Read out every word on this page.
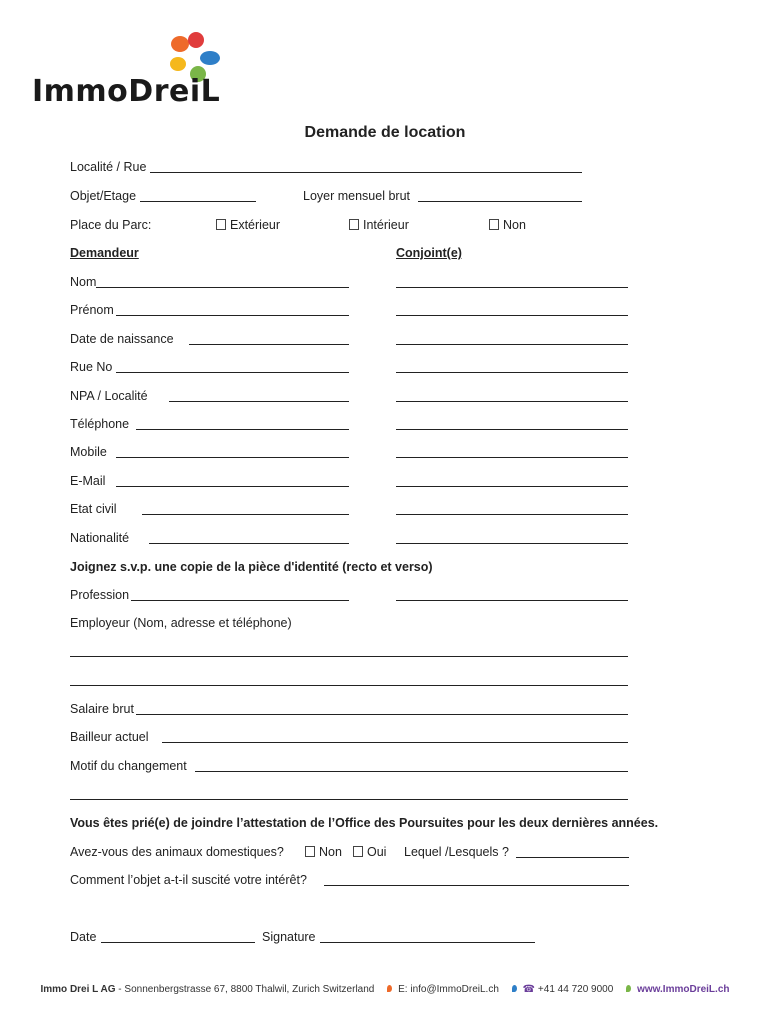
ImmoDreiL
Demande de location
Localité / Rue
Objet/Etage	Loyer mensuel brut
Place du Parc:	Extérieur	Intérieur	Non
Demandeur	Conjoint(e)
Nom
Prénom
Date de naissance
Rue No
NPA / Localité
Téléphone
Mobile
E-Mail
Etat civil
Nationalité
Joignez s.v.p. une copie de la pièce d'identité (recto et verso)
Profession
Employeur (Nom, adresse et téléphone)
Salaire brut
Bailleur actuel
Motif du changement
Vous êtes prié(e) de joindre l’attestation de l’Office des Poursuites pour les deux dernières années.
Avez-vous des animaux domestiques?	Non	Oui Lequel /Lesquels ?
Comment l’objet a-t-il suscité votre intérêt?
Date	Signature
Immo Drei L AG - Sonnenbergstrasse 67, 8800 Thalwil, Zurich Switzerland E: info@ImmoDreiL.ch ☎ +41 44 720 9000 www.ImmoDreiL.ch
